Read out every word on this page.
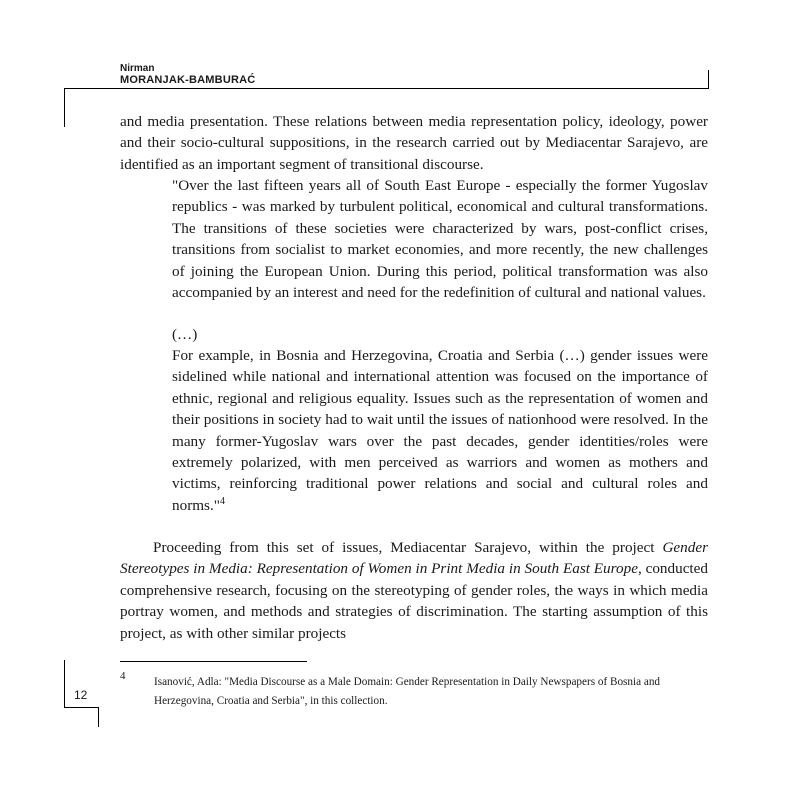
Nirman
MORANJAK-BAMBURAĆ

and media presentation. These relations between media representation policy, ideology, power and their socio-cultural suppositions, in the research carried out by Mediacentar Sarajevo, are identified as an important segment of transitional discourse.

"Over the last fifteen years all of South East Europe - especially the former Yugoslav republics - was marked by turbulent political, economical and cultural transformations. The transitions of these societies were characterized by wars, post-conflict crises, transitions from socialist to market economies, and more recently, the new challenges of joining the European Union. During this period, political transformation was also accompanied by an interest and need for the redefinition of cultural and national values.

(…)

For example, in Bosnia and Herzegovina, Croatia and Serbia (…) gender issues were sidelined while national and international attention was focused on the importance of ethnic, regional and religious equality. Issues such as the representation of women and their positions in society had to wait until the issues of nationhood were resolved. In the many former-Yugoslav wars over the past decades, gender identities/roles were extremely polarized, with men perceived as warriors and women as mothers and victims, reinforcing traditional power relations and social and cultural roles and norms."$^4$

Proceeding from this set of issues, Mediacentar Sarajevo, within the project Gender Stereotypes in Media: Representation of Women in Print Media in South East Europe, conducted comprehensive research, focusing on the stereotyping of gender roles, the ways in which media portray women, and methods and strategies of discrimination. The starting assumption of this project, as with other similar projects

4	Isanović, Adla: "Media Discourse as a Male Domain: Gender Representation in Daily Newspapers of Bosnia and Herzegovina, Croatia and Serbia", in this collection.

12
